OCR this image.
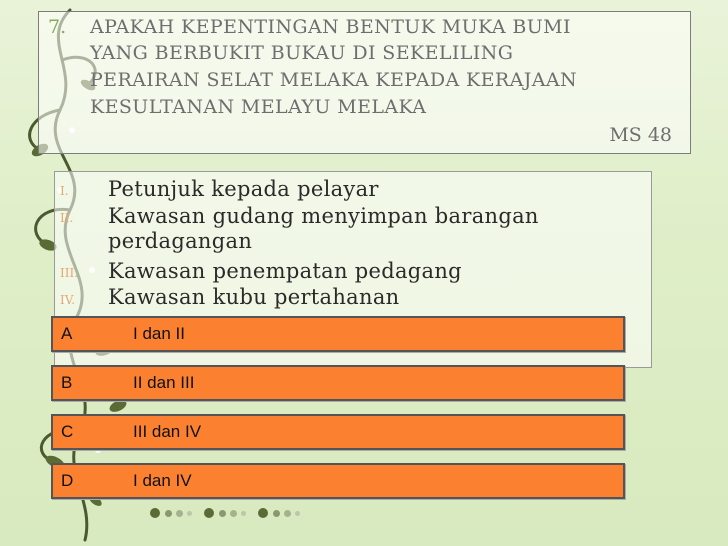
7. APAKAH KEPENTINGAN BENTUK MUKA BUMI
YANG BERBUKIT BUKAU DI SEKELILING
PERAIRAN SELAT MELAKA KEPADA KERAJAAN
KESULTANAN MELAYU MELAKA
MS 48
I. Petunjuk kepada pelayar
II. Kawasan gudang menyimpan barangan
perdagangan
III. Kawasan penempatan pedagang
IV. Kawasan kubu pertahanan
A	I dan II
B	II dan III
C	III dan IV
D	I dan IV
